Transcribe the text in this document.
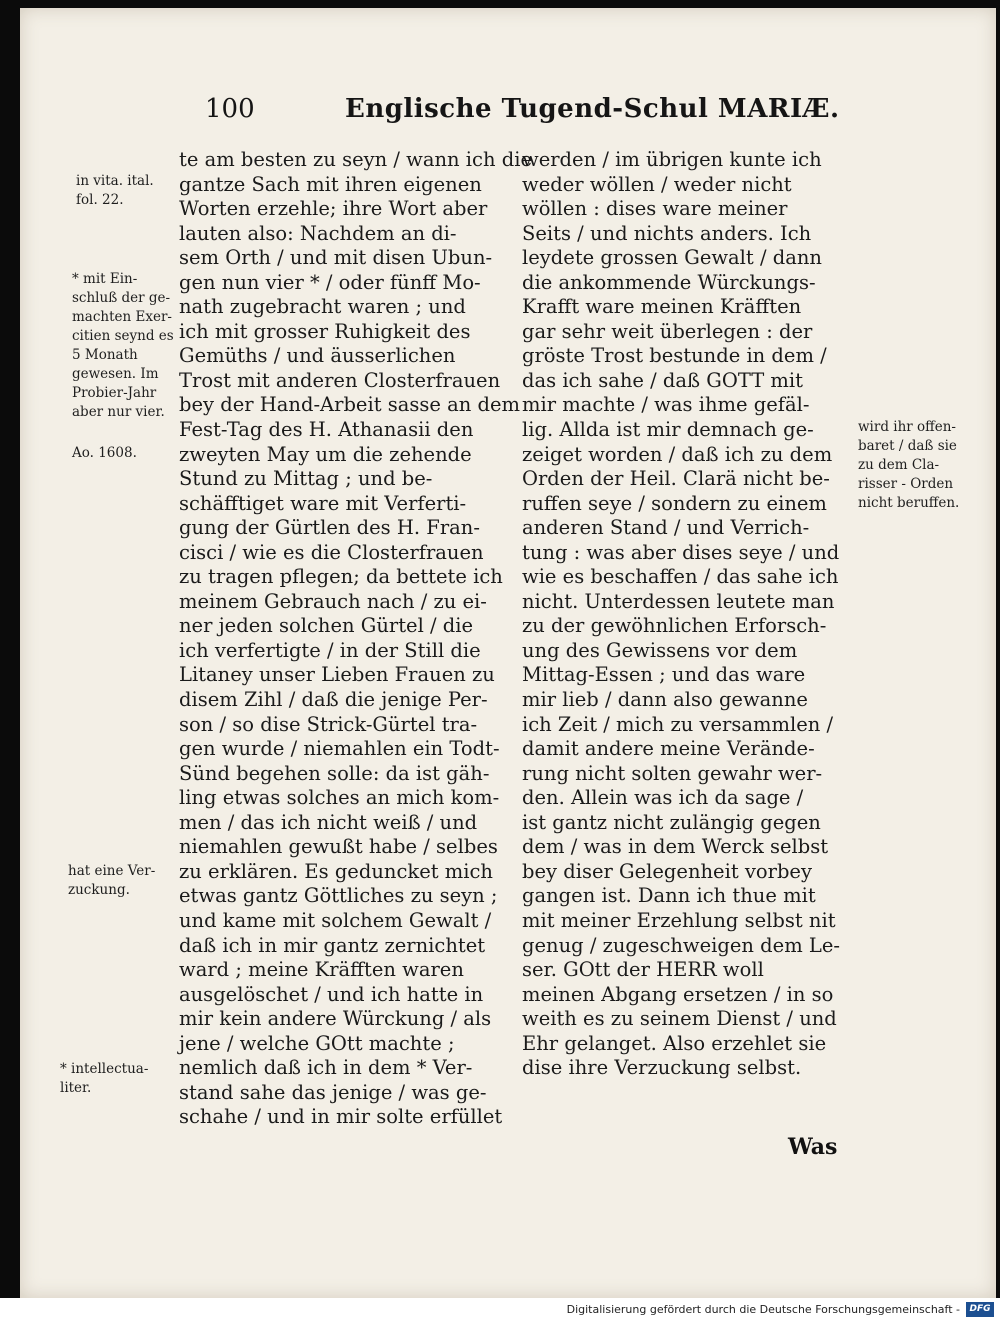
100	Englische Tugend-Schul MARIÆ.
te am besten zu seyn / wann ich die
gantze Sach mit ihren eigenen
Worten erzehle; ihre Wort aber
lauten also: Nachdem an di-
sem Orth / und mit disen Ubun-
gen nun vier * / oder fünff Mo-
nath zugebracht waren ; und
ich mit grosser Ruhigkeit des
Gemüths / und äusserlichen
Trost mit anderen Closterfrauen
bey der Hand-Arbeit sasse an dem
Fest-Tag des H. Athanasii den
zweyten May um die zehende
Stund zu Mittag ; und be-
schäfftiget ware mit Verferti-
gung der Gürtlen des H. Fran-
cisci / wie es die Closterfrauen
zu tragen pflegen; da bettete ich
meinem Gebrauch nach / zu ei-
ner jeden solchen Gürtel / die
ich verfertigte / in der Still die
Litaney unser Lieben Frauen zu
disem Zihl / daß die jenige Per-
son / so dise Strick-Gürtel tra-
gen wurde / niemahlen ein Todt-
Sünd begehen solle: da ist gäh-
ling etwas solches an mich kom-
men / das ich nicht weiß / und
niemahlen gewußt habe / selbes
zu erklären. Es geduncket mich
etwas gantz Göttliches zu seyn ;
und kame mit solchem Gewalt /
daß ich in mir gantz zernichtet
ward ; meine Kräfften waren
ausgelöschet / und ich hatte in
mir kein andere Würckung / als
jene / welche GOtt machte ;
nemlich daß ich in dem * Ver-
stand sahe das jenige / was ge-
schahe / und in mir solte erfüllet
werden / im übrigen kunte ich
weder wöllen / weder nicht
wöllen : dises ware meiner
Seits / und nichts anders. Ich
leydete grossen Gewalt / dann
die ankommende Würckungs-
Krafft ware meinen Kräfften
gar sehr weit überlegen : der
gröste Trost bestunde in dem /
das ich sahe / daß GOTT mit
mir machte / was ihme gefäl-
lig. Allda ist mir demnach ge-
zeiget worden / daß ich zu dem
Orden der Heil. Clarä nicht be-
ruffen seye / sondern zu einem
anderen Stand / und Verrich-
tung : was aber dises seye / und
wie es beschaffen / das sahe ich
nicht. Unterdessen leutete man
zu der gewöhnlichen Erforsch-
ung des Gewissens vor dem
Mittag-Essen ; und das ware
mir lieb / dann also gewanne
ich Zeit / mich zu versammlen /
damit andere meine Verände-
rung nicht solten gewahr wer-
den. Allein was ich da sage /
ist gantz nicht zulängig gegen
dem / was in dem Werck selbst
bey diser Gelegenheit vorbey
gangen ist. Dann ich thue mit
mit meiner Erzehlung selbst nit
genug / zugeschweigen dem Le-
ser. GOtt der HERR woll
meinen Abgang ersetzen / in so
weith es zu seinem Dienst / und
Ehr gelanget. Also erzehlet sie
dise ihre Verzuckung selbst.
in vita. ital.
fol. 22.
* mit Ein-
schluß der ge-
machten Exer-
citien seynd es
5 Monath
gewesen. Im
Probier-Jahr
aber nur vier.
Ao. 1608.
hat eine Ver-
zuckung.
* intellectua-
liter.
wird ihr offen-
baret / daß sie
zu dem Cla-
risser - Orden
nicht beruffen.
Was
Digitalisierung gefördert durch die Deutsche Forschungsgemeinschaft -	DFG
